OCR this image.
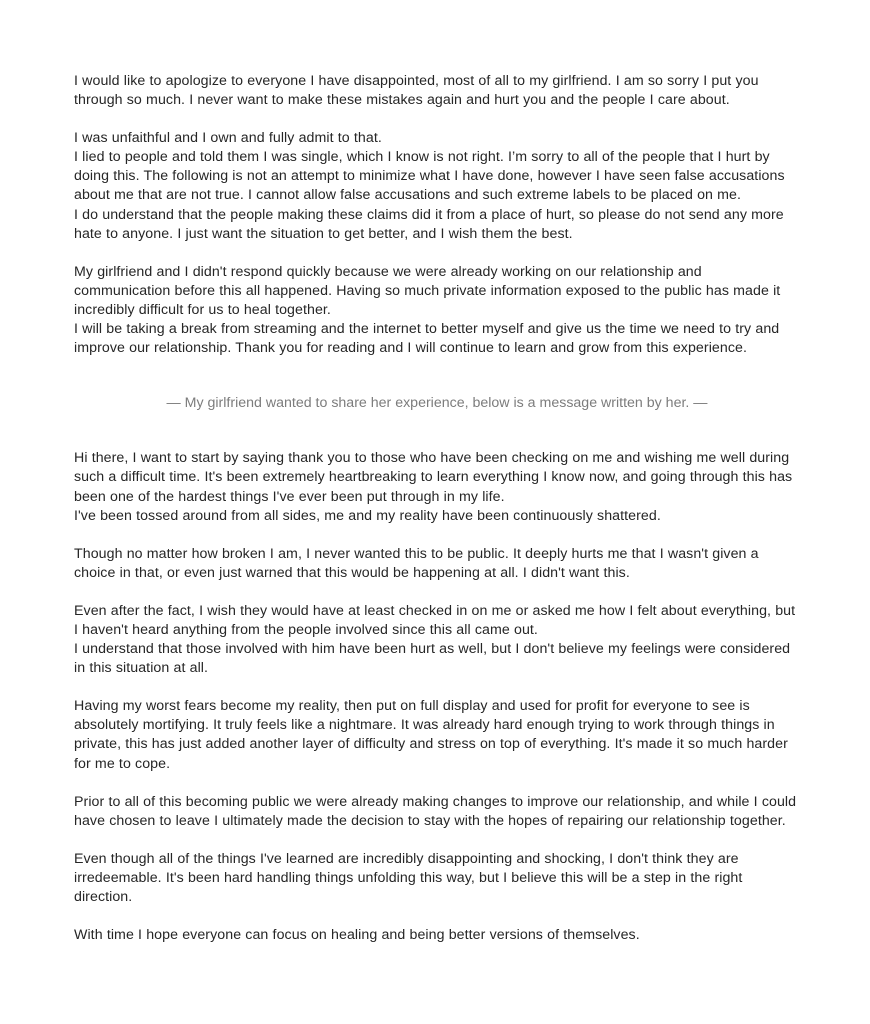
I would like to apologize to everyone I have disappointed, most of all to my girlfriend. I am so sorry I put you through so much. I never want to make these mistakes again and hurt you and the people I care about.

I was unfaithful and I own and fully admit to that.
I lied to people and told them I was single, which I know is not right. I’m sorry to all of the people that I hurt by doing this. The following is not an attempt to minimize what I have done, however I have seen false accusations about me that are not true. I cannot allow false accusations and such extreme labels to be placed on me.
I do understand that the people making these claims did it from a place of hurt, so please do not send any more hate to anyone. I just want the situation to get better, and I wish them the best.

My girlfriend and I didn't respond quickly because we were already working on our relationship and communication before this all happened. Having so much private information exposed to the public has made it incredibly difficult for us to heal together.
I will be taking a break from streaming and the internet to better myself and give us the time we need to try and improve our relationship. Thank you for reading and I will continue to learn and grow from this experience.

— My girlfriend wanted to share her experience, below is a message written by her. —

Hi there, I want to start by saying thank you to those who have been checking on me and wishing me well during such a difficult time. It's been extremely heartbreaking to learn everything I know now, and going through this has been one of the hardest things I've ever been put through in my life.
I've been tossed around from all sides, me and my reality have been continuously shattered.

Though no matter how broken I am, I never wanted this to be public. It deeply hurts me that I wasn't given a choice in that, or even just warned that this would be happening at all. I didn't want this.

Even after the fact, I wish they would have at least checked in on me or asked me how I felt about everything, but I haven't heard anything from the people involved since this all came out.
I understand that those involved with him have been hurt as well, but I don't believe my feelings were considered in this situation at all.

Having my worst fears become my reality, then put on full display and used for profit for everyone to see is absolutely mortifying. It truly feels like a nightmare. It was already hard enough trying to work through things in private, this has just added another layer of difficulty and stress on top of everything. It's made it so much harder for me to cope.

Prior to all of this becoming public we were already making changes to improve our relationship, and while I could have chosen to leave I ultimately made the decision to stay with the hopes of repairing our relationship together.

Even though all of the things I've learned are incredibly disappointing and shocking, I don't think they are irredeemable. It's been hard handling things unfolding this way, but I believe this will be a step in the right direction.

With time I hope everyone can focus on healing and being better versions of themselves.
